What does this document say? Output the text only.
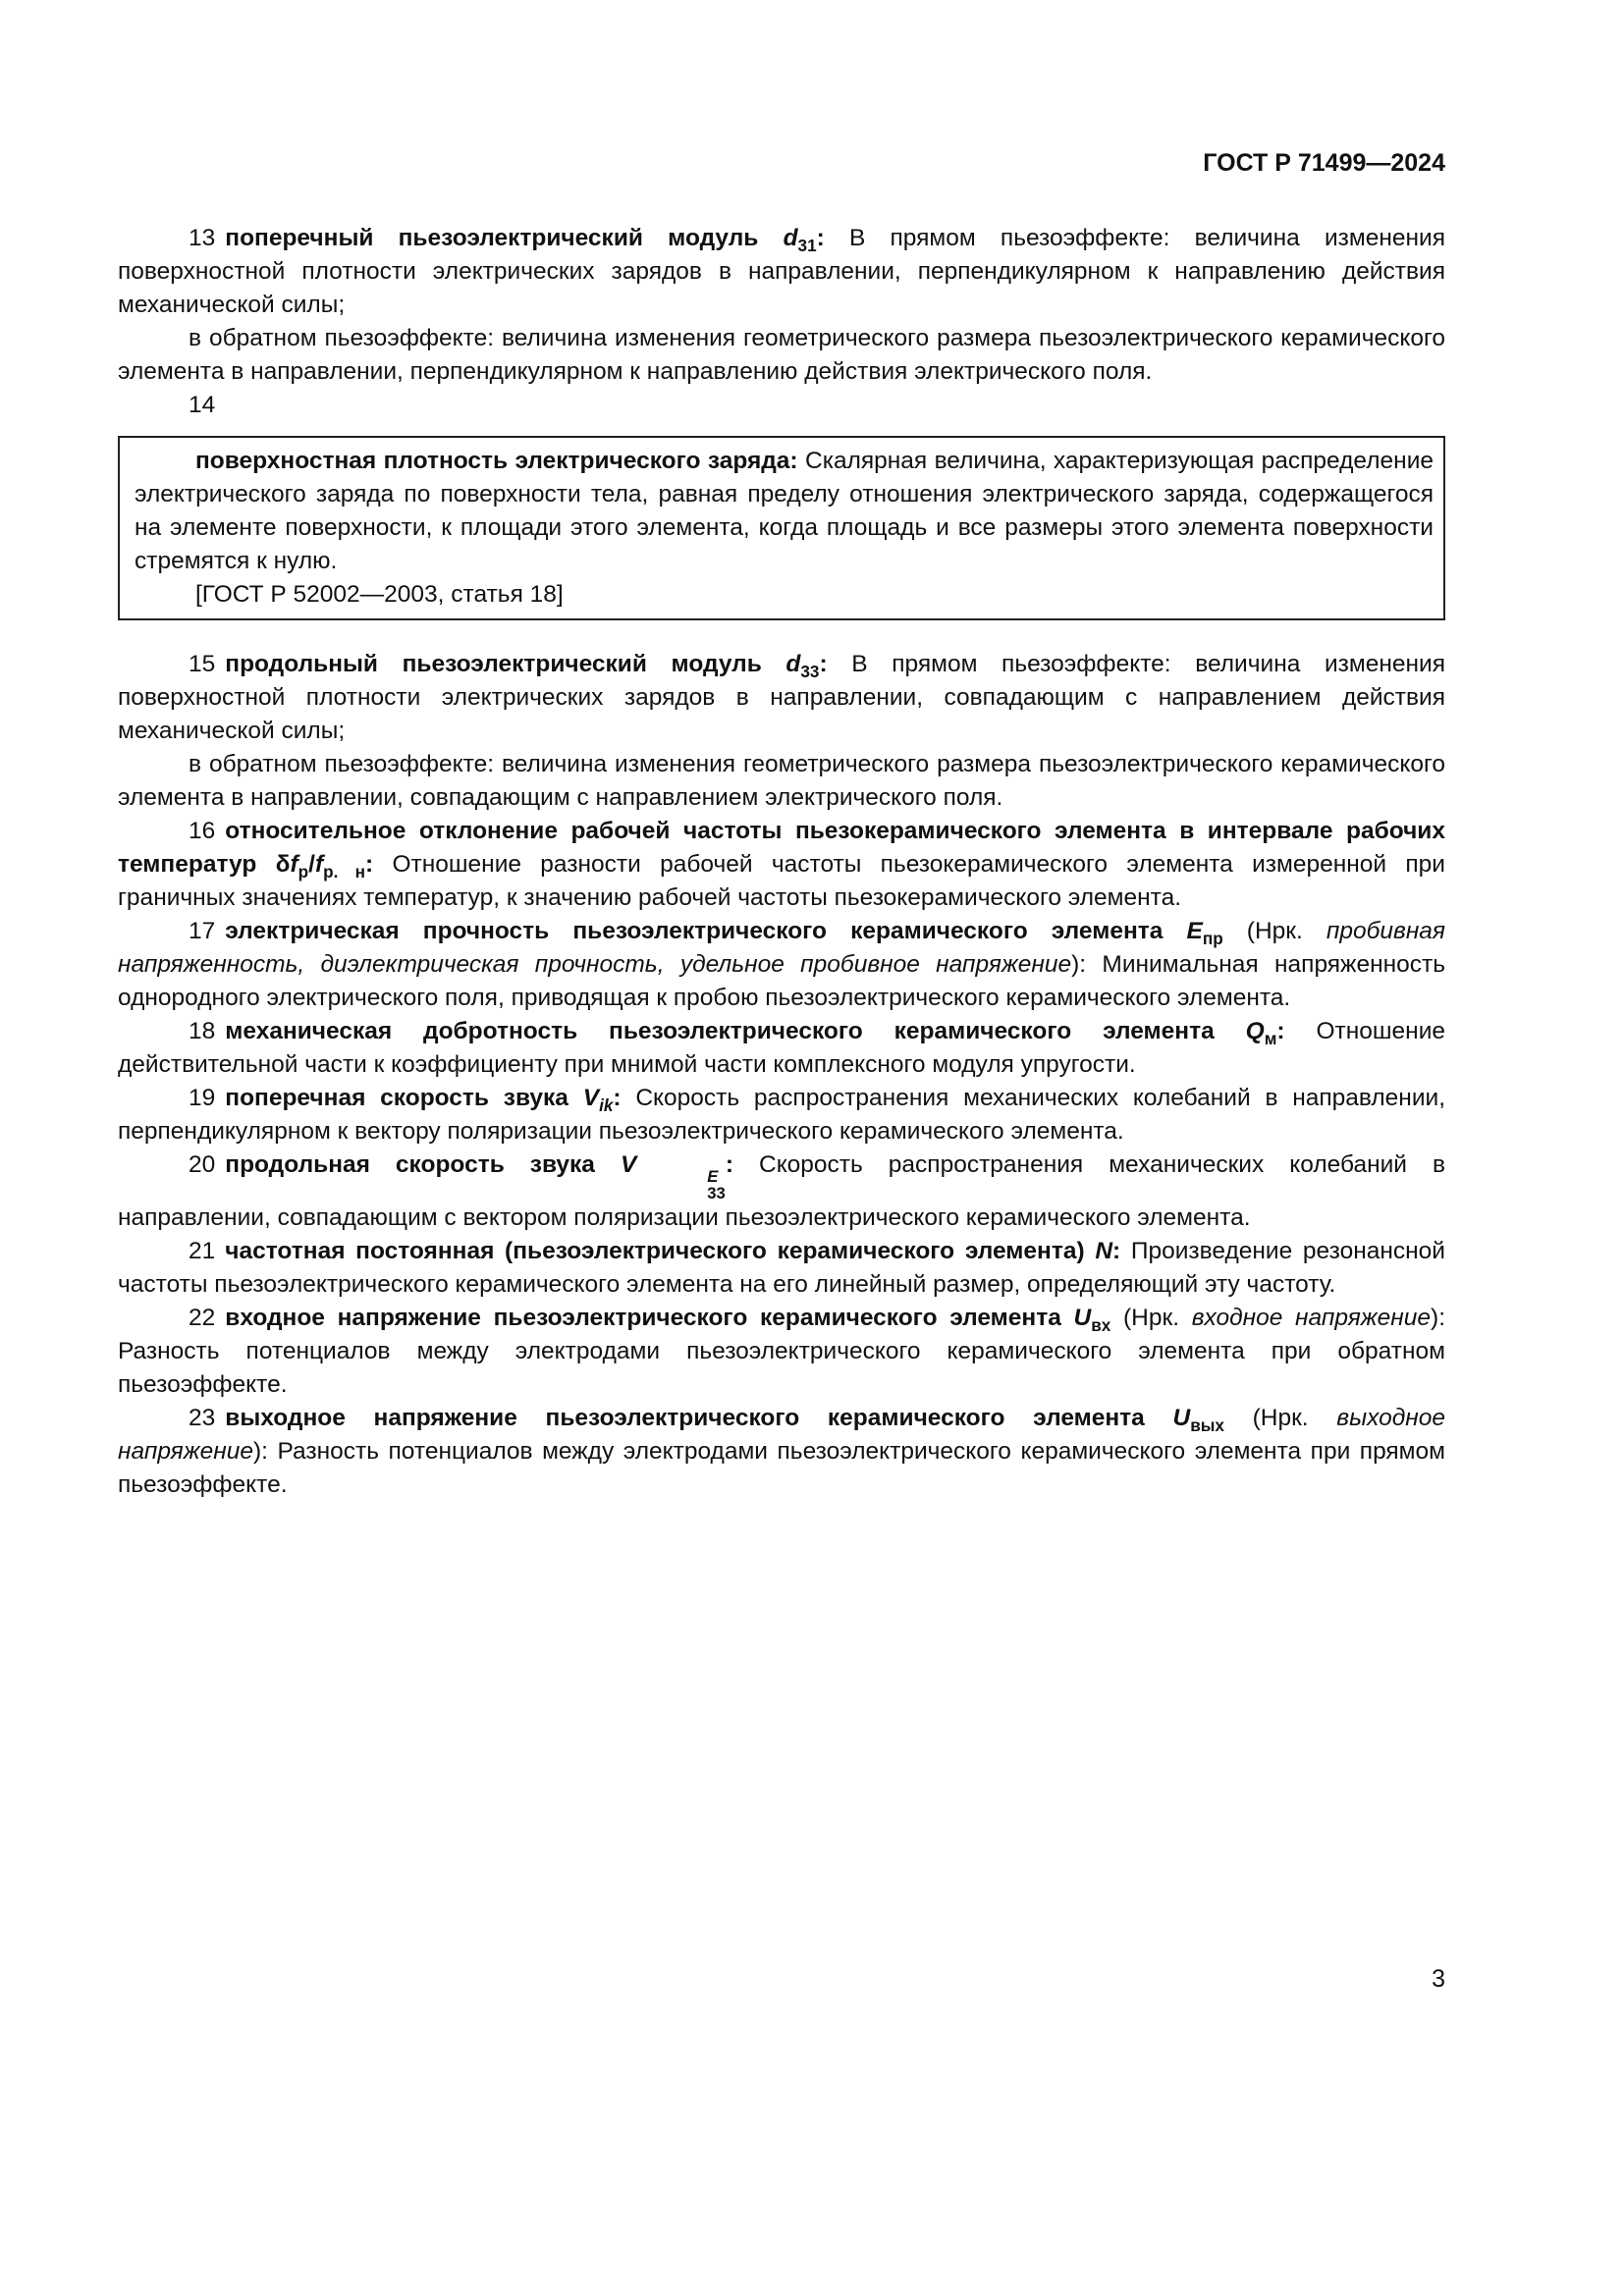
ГОСТ Р 71499—2024

13 поперечный пьезоэлектрический модуль $d_{31}$: В прямом пьезоэффекте: величина изменения поверхностной плотности электрических зарядов в направлении, перпендикулярном к направлению действия механической силы;

в обратном пьезоэффекте: величина изменения геометрического размера пьезоэлектрического керамического элемента в направлении, перпендикулярном к направлению действия электрического поля.

14

поверхностная плотность электрического заряда: Скалярная величина, характеризующая распределение электрического заряда по поверхности тела, равная пределу отношения электрического заряда, содержащегося на элементе поверхности, к площади этого элемента, когда площадь и все размеры этого элемента поверхности стремятся к нулю.

[ГОСТ Р 52002—2003, статья 18]

15 продольный пьезоэлектрический модуль $d_{33}$: В прямом пьезоэффекте: величина изменения поверхностной плотности электрических зарядов в направлении, совпадающим с направлением действия механической силы;

в обратном пьезоэффекте: величина изменения геометрического размера пьезоэлектрического керамического элемента в направлении, совпадающим с направлением электрического поля.

16 относительное отклонение рабочей частоты пьезокерамического элемента в интервале рабочих температур $\delta f_р/f_{р. н}$: Отношение разности рабочей частоты пьезокерамического элемента измеренной при граничных значениях температур, к значению рабочей частоты пьезокерамического элемента.

17 электрическая прочность пьезоэлектрического керамического элемента $E_{пр}$ (Нрк. пробивная напряженность, диэлектрическая прочность, удельное пробивное напряжение): Минимальная напряженность однородного электрического поля, приводящая к пробою пьезоэлектрического керамического элемента.

18 механическая добротность пьезоэлектрического керамического элемента $Q_м$: Отношение действительной части к коэффициенту при мнимой части комплексного модуля упругости.

19 поперечная скорость звука $V_{ik}$: Скорость распространения механических колебаний в направлении, перпендикулярном к вектору поляризации пьезоэлектрического керамического элемента.

20 продольная скорость звука V	E
33
: Скорость распространения механических колебаний в направлении, совпадающим с вектором поляризации пьезоэлектрического керамического элемента.

21 частотная постоянная (пьезоэлектрического керамического элемента) N: Произведение резонансной частоты пьезоэлектрического керамического элемента на его линейный размер, определяющий эту частоту.

22 входное напряжение пьезоэлектрического керамического элемента $U_{вх}$ (Нрк. входное напряжение): Разность потенциалов между электродами пьезоэлектрического керамического элемента при обратном пьезоэффекте.

23 выходное напряжение пьезоэлектрического керамического элемента $U_{вых}$ (Нрк. выходное напряжение): Разность потенциалов между электродами пьезоэлектрического керамического элемента при прямом пьезоэффекте.

3
